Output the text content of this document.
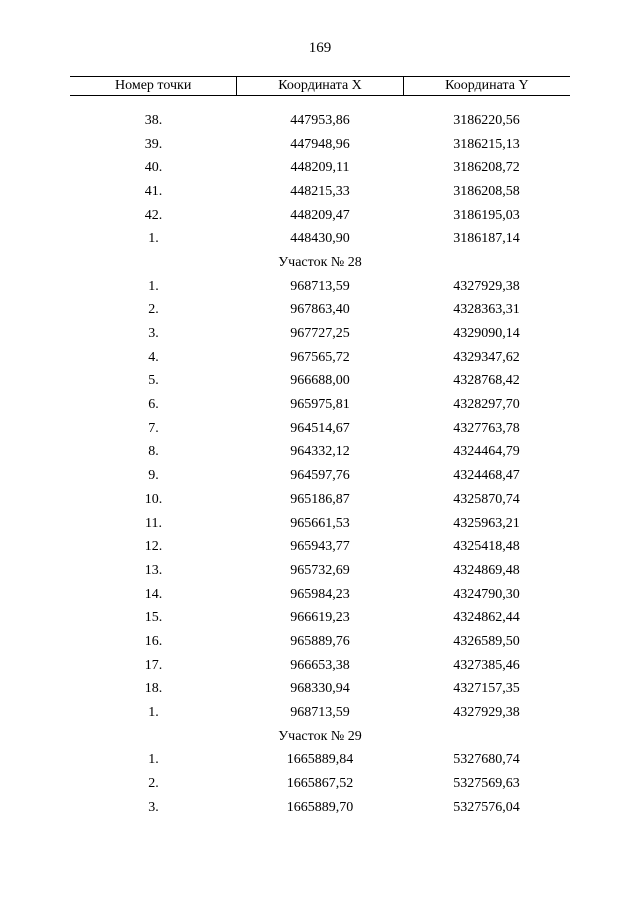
169
Номер точки	Координата X	Координата Y
38.	447953,86	3186220,56
39.	447948,96	3186215,13
40.	448209,11	3186208,72
41.	448215,33	3186208,58
42.	448209,47	3186195,03
1.	448430,90	3186187,14
Участок № 28
1.	968713,59	4327929,38
2.	967863,40	4328363,31
3.	967727,25	4329090,14
4.	967565,72	4329347,62
5.	966688,00	4328768,42
6.	965975,81	4328297,70
7.	964514,67	4327763,78
8.	964332,12	4324464,79
9.	964597,76	4324468,47
10.	965186,87	4325870,74
11.	965661,53	4325963,21
12.	965943,77	4325418,48
13.	965732,69	4324869,48
14.	965984,23	4324790,30
15.	966619,23	4324862,44
16.	965889,76	4326589,50
17.	966653,38	4327385,46
18.	968330,94	4327157,35
1.	968713,59	4327929,38
Участок № 29
1.	1665889,84	5327680,74
2.	1665867,52	5327569,63
3.	1665889,70	5327576,04
